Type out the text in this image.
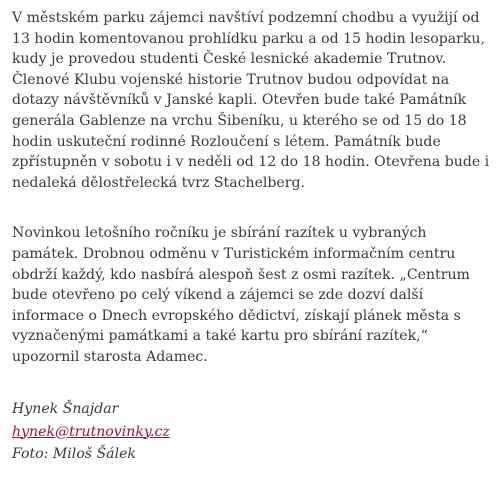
V městském parku zájemci navštíví podzemní chodbu a využijí od 13 hodin komentovanou prohlídku parku a od 15 hodin lesoparku, kudy je provedou studenti České lesnické akademie Trutnov. Členové Klubu vojenské historie Trutnov budou odpovídat na dotazy návštěvníků v Janské kapli. Otevřen bude také Památník generála Gablenze na vrchu Šibeníku, u kterého se od 15 do 18 hodin uskuteční rodinné Rozloučení s létem. Památník bude zpřístupněn v sobotu i v neděli od 12 do 18 hodin. Otevřena bude i nedaleká dělostřelecká tvrz Stachelberg.

Novinkou letošního ročníku je sbírání razítek u vybraných památek. Drobnou odměnu v Turistickém informačním centru obdrží každý, kdo nasbírá alespoň šest z osmi razítek. „Centrum bude otevřeno po celý víkend a zájemci se zde dozví další informace o Dnech evropského dědictví, získají plánek města s vyznačenými památkami a také kartu pro sbírání razítek,“ upozornil starosta Adamec.

Hynek Šnajdar
hynek@trutnovinky.cz
Foto: Miloš Šálek
